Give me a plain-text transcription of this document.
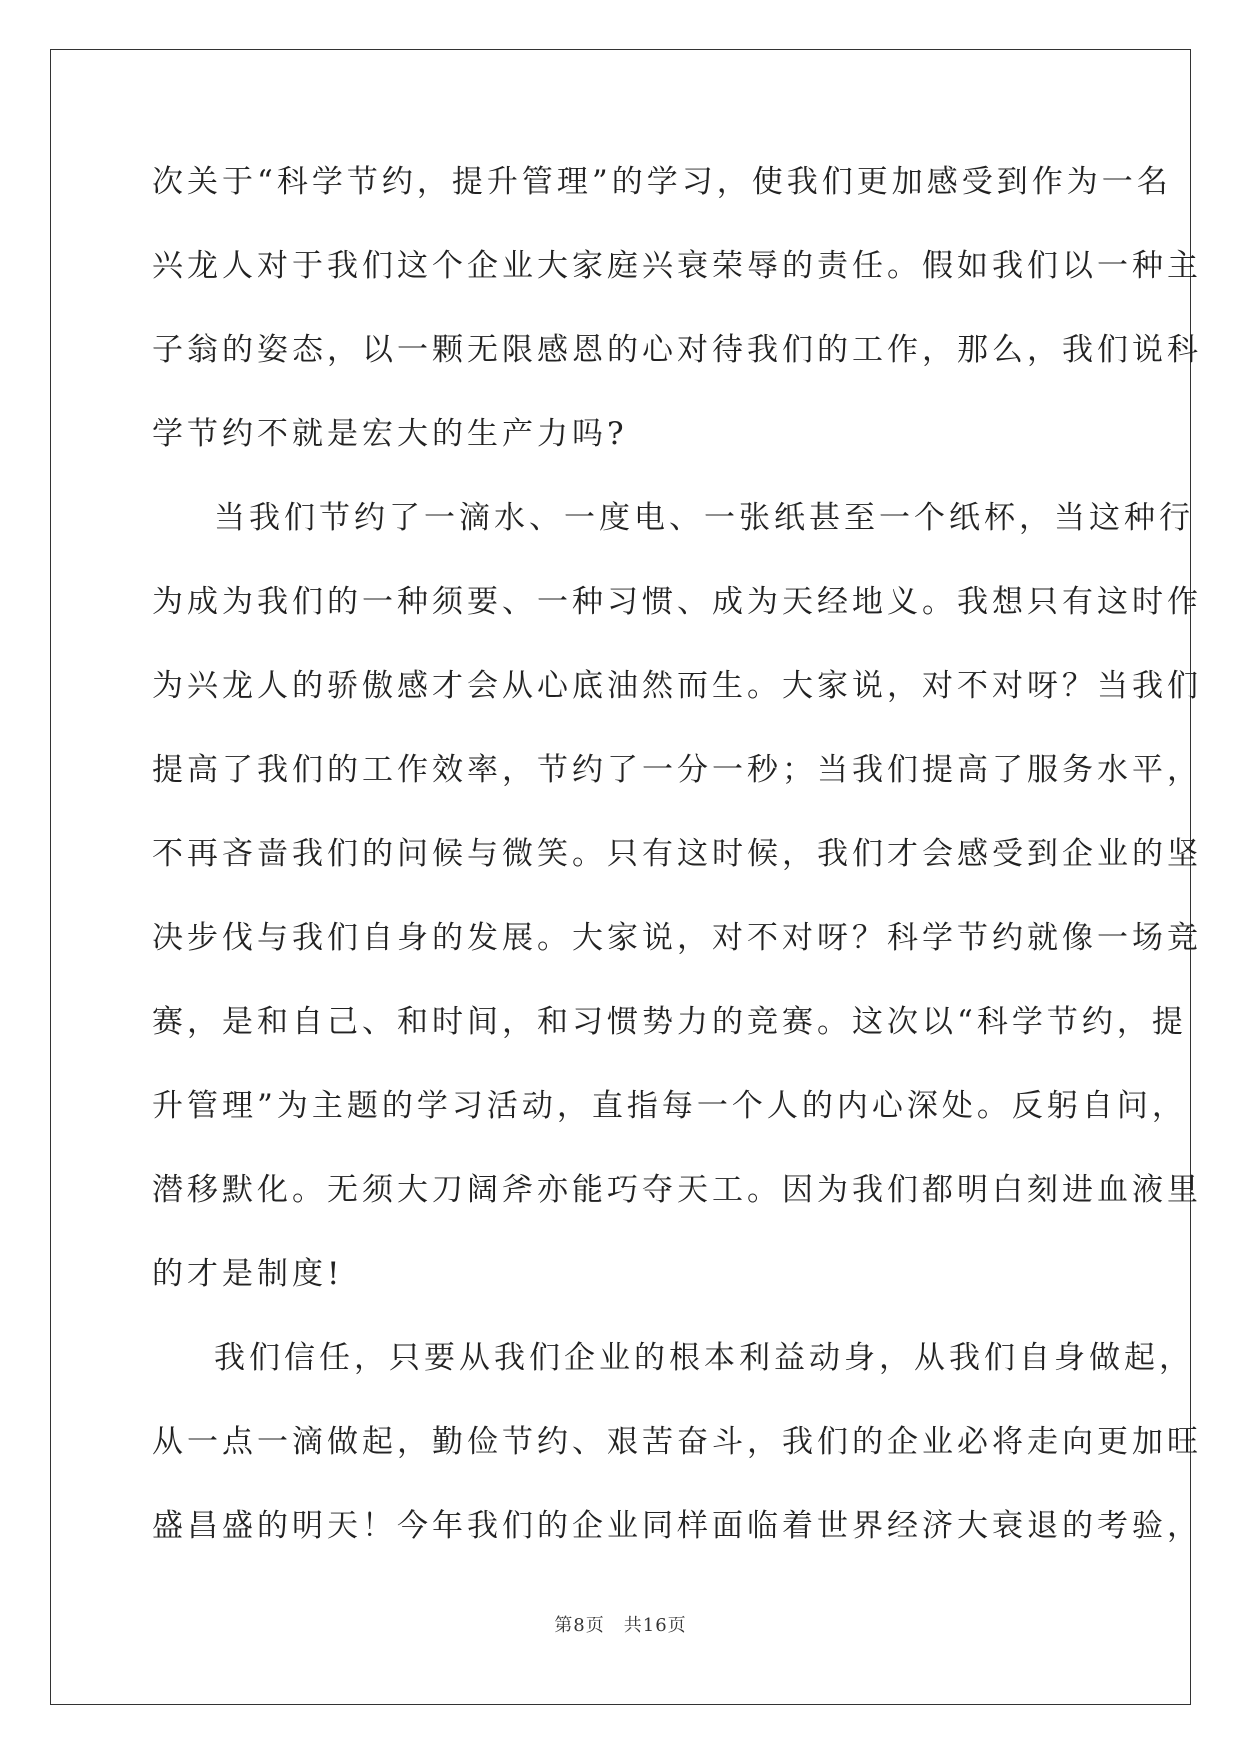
次关于“科学节约，提升管理”的学习，使我们更加感受到作为一名
兴龙人对于我们这个企业大家庭兴衰荣辱的责任。假如我们以一种主
子翁的姿态，以一颗无限感恩的心对待我们的工作，那么，我们说科
学节约不就是宏大的生产力吗?
当我们节约了一滴水、一度电、一张纸甚至一个纸杯，当这种行
为成为我们的一种须要、一种习惯、成为天经地义。我想只有这时作
为兴龙人的骄傲感才会从心底油然而生。大家说，对不对呀？当我们
提高了我们的工作效率，节约了一分一秒；当我们提高了服务水平，
不再吝啬我们的问候与微笑。只有这时候，我们才会感受到企业的坚
决步伐与我们自身的发展。大家说，对不对呀？科学节约就像一场竞
赛，是和自己、和时间，和习惯势力的竞赛。这次以“科学节约，提
升管理”为主题的学习活动，直指每一个人的内心深处。反躬自问，
潜移默化。无须大刀阔斧亦能巧夺天工。因为我们都明白刻进血液里
的才是制度!
我们信任，只要从我们企业的根本利益动身，从我们自身做起，
从一点一滴做起，勤俭节约、艰苦奋斗，我们的企业必将走向更加旺
盛昌盛的明天！今年我们的企业同样面临着世界经济大衰退的考验，
第8页　共16页
